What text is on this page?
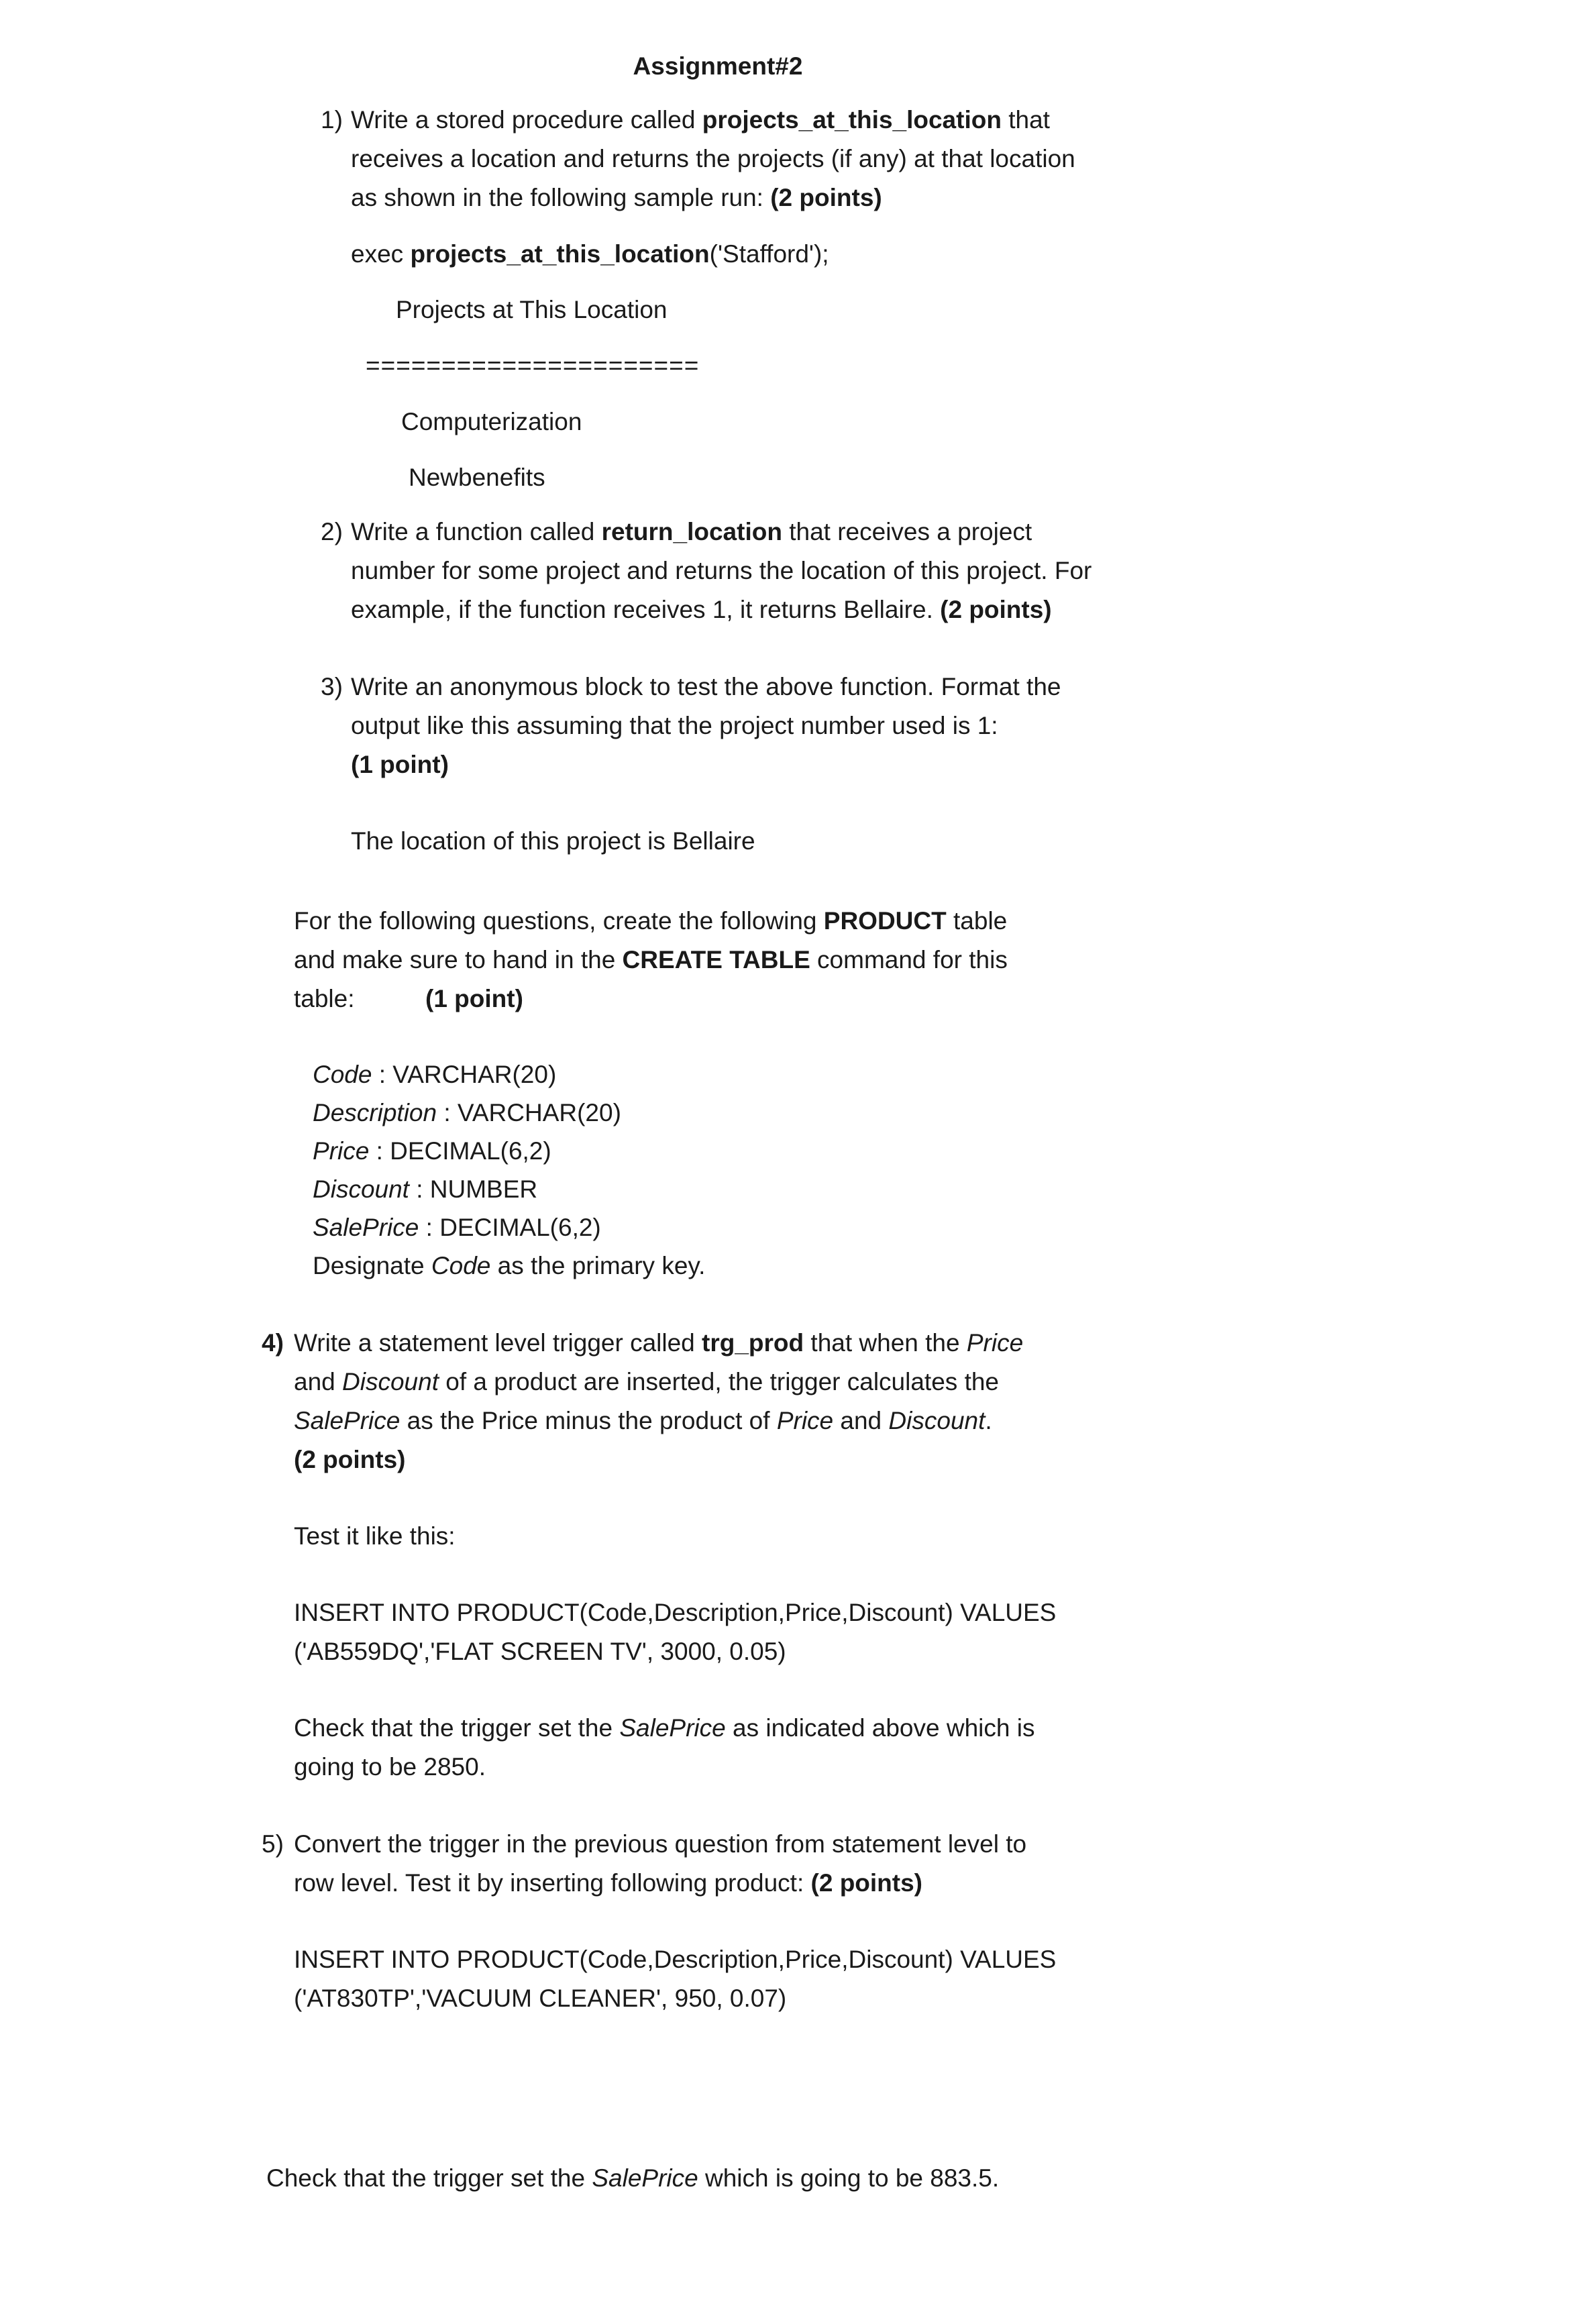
Assignment#2
1) Write a stored procedure called projects_at_this_location that
receives a location and returns the projects (if any) at that location
as shown in the following sample run: (2 points)
exec projects_at_this_location('Stafford');
Projects at This Location
======================
Computerization
Newbenefits
2) Write a function called return_location that receives a project
number for some project and returns the location of this project. For
example, if the function receives 1, it returns Bellaire. (2 points)
3) Write an anonymous block to test the above function. Format the
output like this assuming that the project number used is 1:
(1 point)
The location of this project is Bellaire
For the following questions, create the following PRODUCT table
and make sure to hand in the CREATE TABLE command for this
table:	(1 point)
Code : VARCHAR(20)
Description : VARCHAR(20)
Price : DECIMAL(6,2)
Discount : NUMBER
SalePrice : DECIMAL(6,2)
Designate Code as the primary key.
4) Write a statement level trigger called trg_prod that when the Price
and Discount of a product are inserted, the trigger calculates the
SalePrice as the Price minus the product of Price and Discount.
(2 points)
Test it like this:
INSERT INTO PRODUCT(Code,Description,Price,Discount) VALUES
('AB559DQ','FLAT SCREEN TV', 3000, 0.05)
Check that the trigger set the SalePrice as indicated above which is
going to be 2850.
5) Convert the trigger in the previous question from statement level to
row level. Test it by inserting following product: (2 points)
INSERT INTO PRODUCT(Code,Description,Price,Discount) VALUES
('AT830TP','VACUUM CLEANER', 950, 0.07)
Check that the trigger set the SalePrice which is going to be 883.5.
